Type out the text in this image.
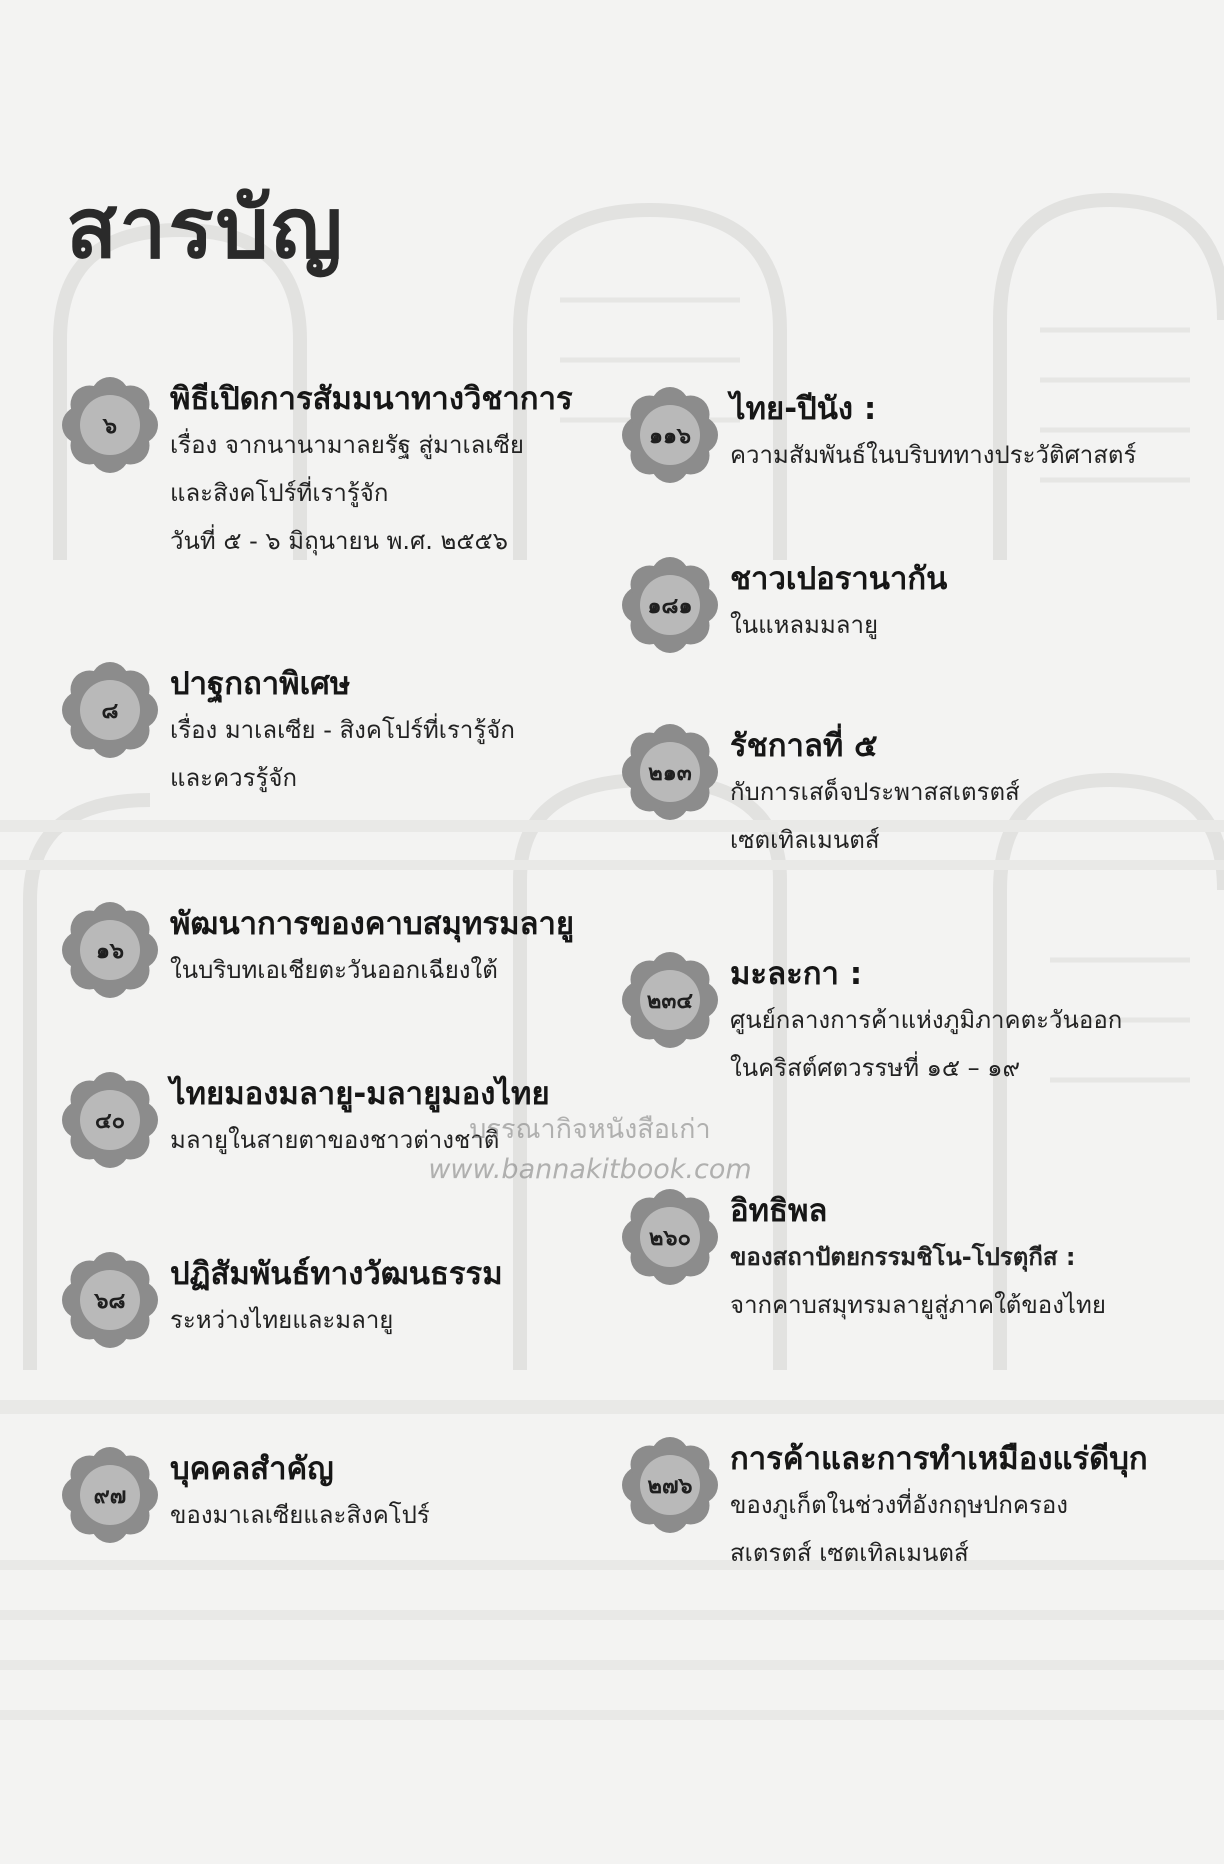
สารบัญ
๖
พิธีเปิดการสัมมนาทางวิชาการ
เรื่อง จากนานามาลยรัฐ สู่มาเลเซีย
และสิงคโปร์ที่เรารู้จัก
วันที่ ๕ - ๖ มิถุนายน พ.ศ. ๒๕๕๖
๘
ปาฐกถาพิเศษ
เรื่อง มาเลเซีย - สิงคโปร์ที่เรารู้จัก
และควรรู้จัก
๑๖
พัฒนาการของคาบสมุทรมลายู
ในบริบทเอเชียตะวันออกเฉียงใต้
๔๐
ไทยมองมลายู-มลายูมองไทย
มลายูในสายตาของชาวต่างชาติ
๖๘
ปฏิสัมพันธ์ทางวัฒนธรรม
ระหว่างไทยและมลายู
๙๗
บุคคลสำคัญ
ของมาเลเซียและสิงคโปร์
๑๑๖
ไทย-ปีนัง :
ความสัมพันธ์ในบริบททางประวัติศาสตร์
๑๘๑
ชาวเปอรานากัน
ในแหลมมลายู
๒๑๓
รัชกาลที่ ๕
กับการเสด็จประพาสสเตรตส์
เซตเทิลเมนตส์
๒๓๔
มะละกา :
ศูนย์กลางการค้าแห่งภูมิภาคตะวันออก
ในคริสต์ศตวรรษที่ ๑๕ – ๑๙
๒๖๐
อิทธิพล
ของสถาปัตยกรรมชิโน-โปรตุกีส :
จากคาบสมุทรมลายูสู่ภาคใต้ของไทย
๒๗๖
การค้าและการทำเหมืองแร่ดีบุก
ของภูเก็ตในช่วงที่อังกฤษปกครอง
สเตรตส์ เซตเทิลเมนตส์
บรรณากิจหนังสือเก่า
www.bannakitbook.com
